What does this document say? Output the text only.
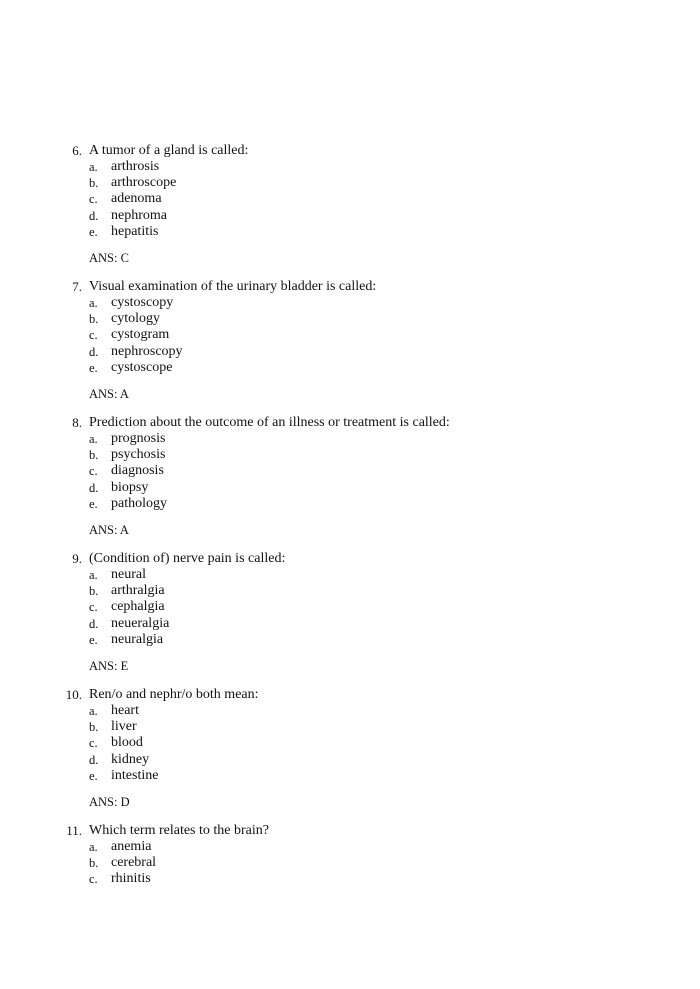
6. A tumor of a gland is called:
a. arthrosis
b. arthroscope
c. adenoma
d. nephroma
e. hepatitis
ANS: C
7. Visual examination of the urinary bladder is called:
a. cystoscopy
b. cytology
c. cystogram
d. nephroscopy
e. cystoscope
ANS: A
8. Prediction about the outcome of an illness or treatment is called:
a. prognosis
b. psychosis
c. diagnosis
d. biopsy
e. pathology
ANS: A
9. (Condition of) nerve pain is called:
a. neural
b. arthralgia
c. cephalgia
d. neueralgia
e. neuralgia
ANS: E
10. Ren/o and nephr/o both mean:
a. heart
b. liver
c. blood
d. kidney
e. intestine
ANS: D
11. Which term relates to the brain?
a. anemia
b. cerebral
c. rhinitis
